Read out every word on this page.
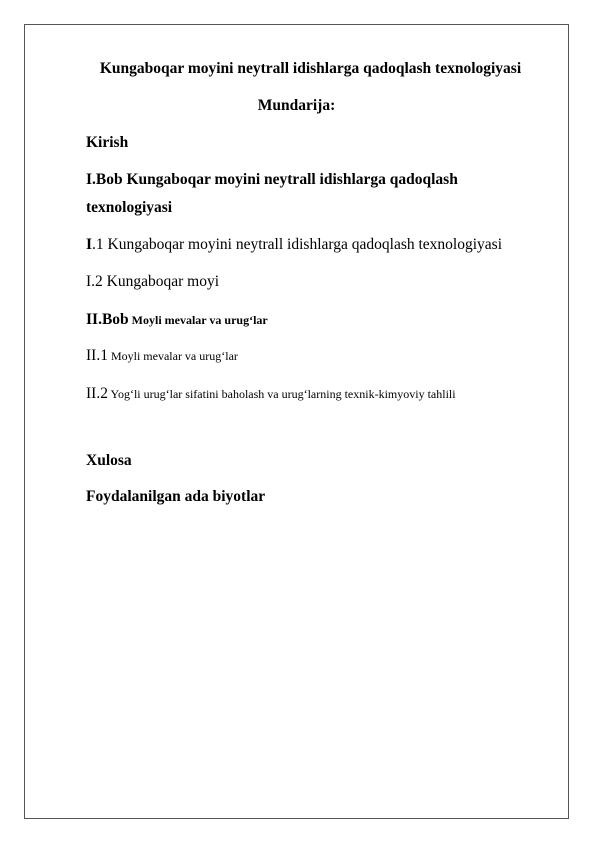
Kungaboqar moyini neytrall idishlarga qadoqlash texnologiyasi

Mundarija:

Kirish

I.Bob Kungaboqar moyini neytrall idishlarga qadoqlash

texnologiyasi

I.1 Kungaboqar moyini neytrall idishlarga qadoqlash texnologiyasi

I.2 Kungaboqar moyi

II.Bob Moyli mevalar va urug‘lar

II.1 Moyli mevalar va urug‘lar

II.2 Yog‘li urug‘lar sifatini baholash va urug‘larning texnik-kimyoviy tahlili

Xulosa

Foydalanilgan ada biyotlar
